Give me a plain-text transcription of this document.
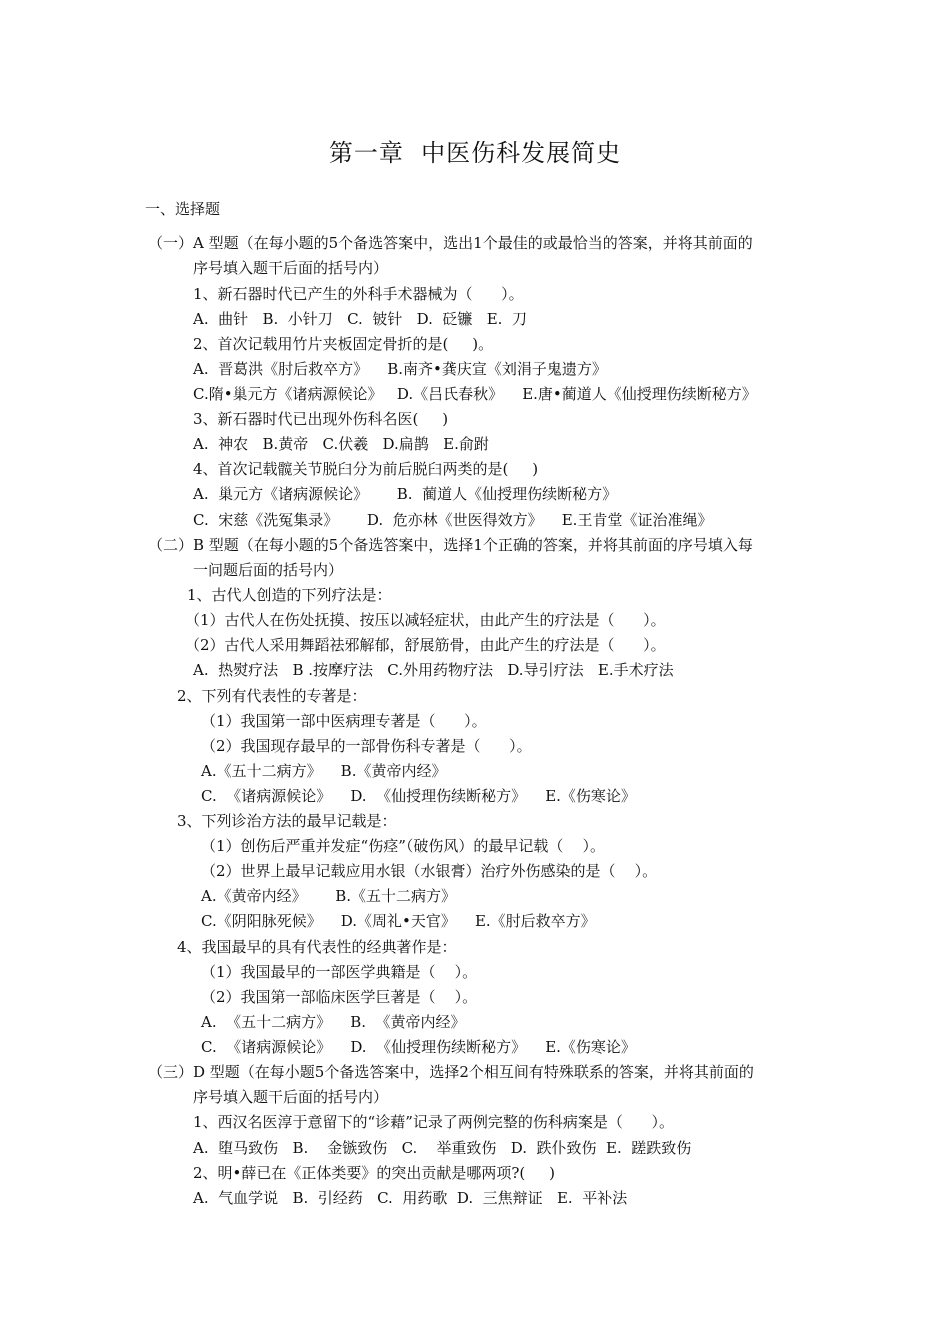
第一章  中医伤科发展简史
一、选择题
（一）A 型题（在每小题的5个备选答案中，选出1个最佳的或最恰当的答案，并将其前面的
序号填入题干后面的括号内）
1、新石器时代已产生的外科手术器械为（      ）。
A.  曲针   B.  小针刀   C.  铍针   D.  砭镰   E.  刀
2、首次记载用竹片夹板固定骨折的是(     )。
A.  晋葛洪《肘后救卒方》    B.南齐•龚庆宣《刘涓子鬼遗方》
C.隋•巢元方《诸病源候论》   D.《吕氏春秋》    E.唐•蔺道人《仙授理伤续断秘方》
3、新石器时代已出现外伤科名医(     )
A.  神农   B.黄帝   C.伏羲   D.扁鹊   E.俞跗
4、首次记载髋关节脱臼分为前后脱臼两类的是(     )
A.  巢元方《诸病源候论》      B.  蔺道人《仙授理伤续断秘方》
C.  宋慈《洗冤集录》      D.  危亦林《世医得效方》    E.王肯堂《证治准绳》
（二）B 型题（在每小题的5个备选答案中，选择1个正确的答案，并将其前面的序号填入每
一问题后面的括号内）
1、古代人创造的下列疗法是：
（1）古代人在伤处抚摸、按压以减轻症状，由此产生的疗法是（      ）。
（2）古代人采用舞蹈祛邪解郁，舒展筋骨，由此产生的疗法是（      ）。
A.  热熨疗法   B .按摩疗法   C.外用药物疗法   D.导引疗法   E.手术疗法
2、下列有代表性的专著是：
（1）我国第一部中医病理专著是（      ）。
（2）我国现存最早的一部骨伤科专著是（      ）。
A.《五十二病方》    B.《黄帝内经》
C.  《诸病源候论》    D.  《仙授理伤续断秘方》    E.《伤寒论》
3、下列诊治方法的最早记载是：
（1）创伤后严重并发症“伤痉”（破伤风）的最早记载（    ）。
（2）世界上最早记载应用水银（水银膏）治疗外伤感染的是（    ）。
A.《黄帝内经》      B.《五十二病方》
C.《阴阳脉死候》    D.《周礼•天官》    E.《肘后救卒方》
4、我国最早的具有代表性的经典著作是：
（1）我国最早的一部医学典籍是（    ）。
（2）我国第一部临床医学巨著是（    ）。
A.  《五十二病方》    B.  《黄帝内经》
C.  《诸病源候论》    D.  《仙授理伤续断秘方》    E.《伤寒论》
（三）D 型题（在每小题5个备选答案中，选择2个相互间有特殊联系的答案，并将其前面的
序号填入题干后面的括号内）
1、西汉名医淳于意留下的“诊藉”记录了两例完整的伤科病案是（      ）。
A.  堕马致伤   B.    金镞致伤   C.    举重致伤   D.  跌仆致伤  E.  蹉跌致伤
2、明•薛已在《正体类要》的突出贡献是哪两项?(     )
A.  气血学说   B.  引经药   C.  用药歌  D.  三焦辩证   E.  平补法
